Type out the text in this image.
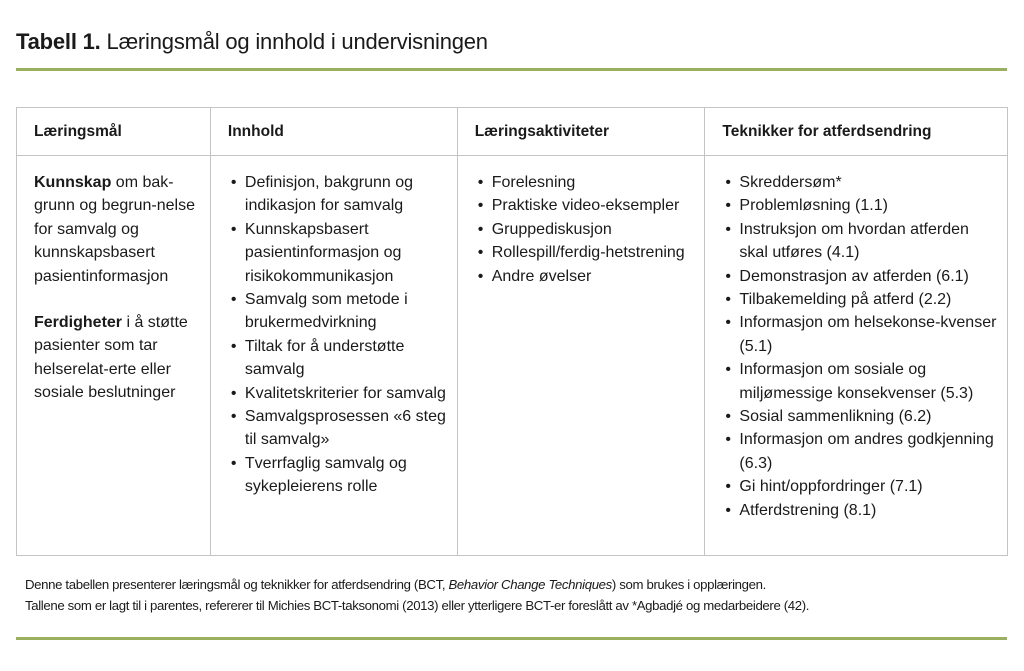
Tabell 1. Læringsmål og innhold i undervisningen
Læringsmål	Innhold	Læringsaktiviteter	Teknikker for atferdsendring

Kunnskap om bak-grunn og begrun-nelse for samvalg og kunnskapsbasert pasientinformasjon
Ferdigheter i å støtte pasienter som tar helserelat-erte eller sosiale beslutninger

• Definisjon, bakgrunn og indikasjon for samvalg
• Kunnskapsbasert pasientinformasjon og risikokommunikasjon
• Samvalg som metode i brukermedvirkning
• Tiltak for å understøtte samvalg
• Kvalitetskriterier for samvalg
• Samvalgsprosessen «6 steg til samvalg»
• Tverrfaglig samvalg og sykepleierens rolle

• Forelesning
• Praktiske video-eksempler
• Gruppediskusjon
• Rollespill/ferdig-hetstrening
• Andre øvelser

• Skreddersøm*
• Problemløsning (1.1)
• Instruksjon om hvordan atferden skal utføres (4.1)
• Demonstrasjon av atferden (6.1)
• Tilbakemelding på atferd (2.2)
• Informasjon om helsekonse-kvenser (5.1)
• Informasjon om sosiale og miljømessige konsekvenser (5.3)
• Sosial sammenlikning (6.2)
• Informasjon om andres godkjenning (6.3)
• Gi hint/oppfordringer (7.1)
• Atferdstrening (8.1)
Denne tabellen presenterer læringsmål og teknikker for atferdsendring (BCT, Behavior Change Techniques) som brukes i opplæringen.
Tallene som er lagt til i parentes, refererer til Michies BCT-taksonomi (2013) eller ytterligere BCT-er foreslått av *Agbadjé og medarbeidere (42).
